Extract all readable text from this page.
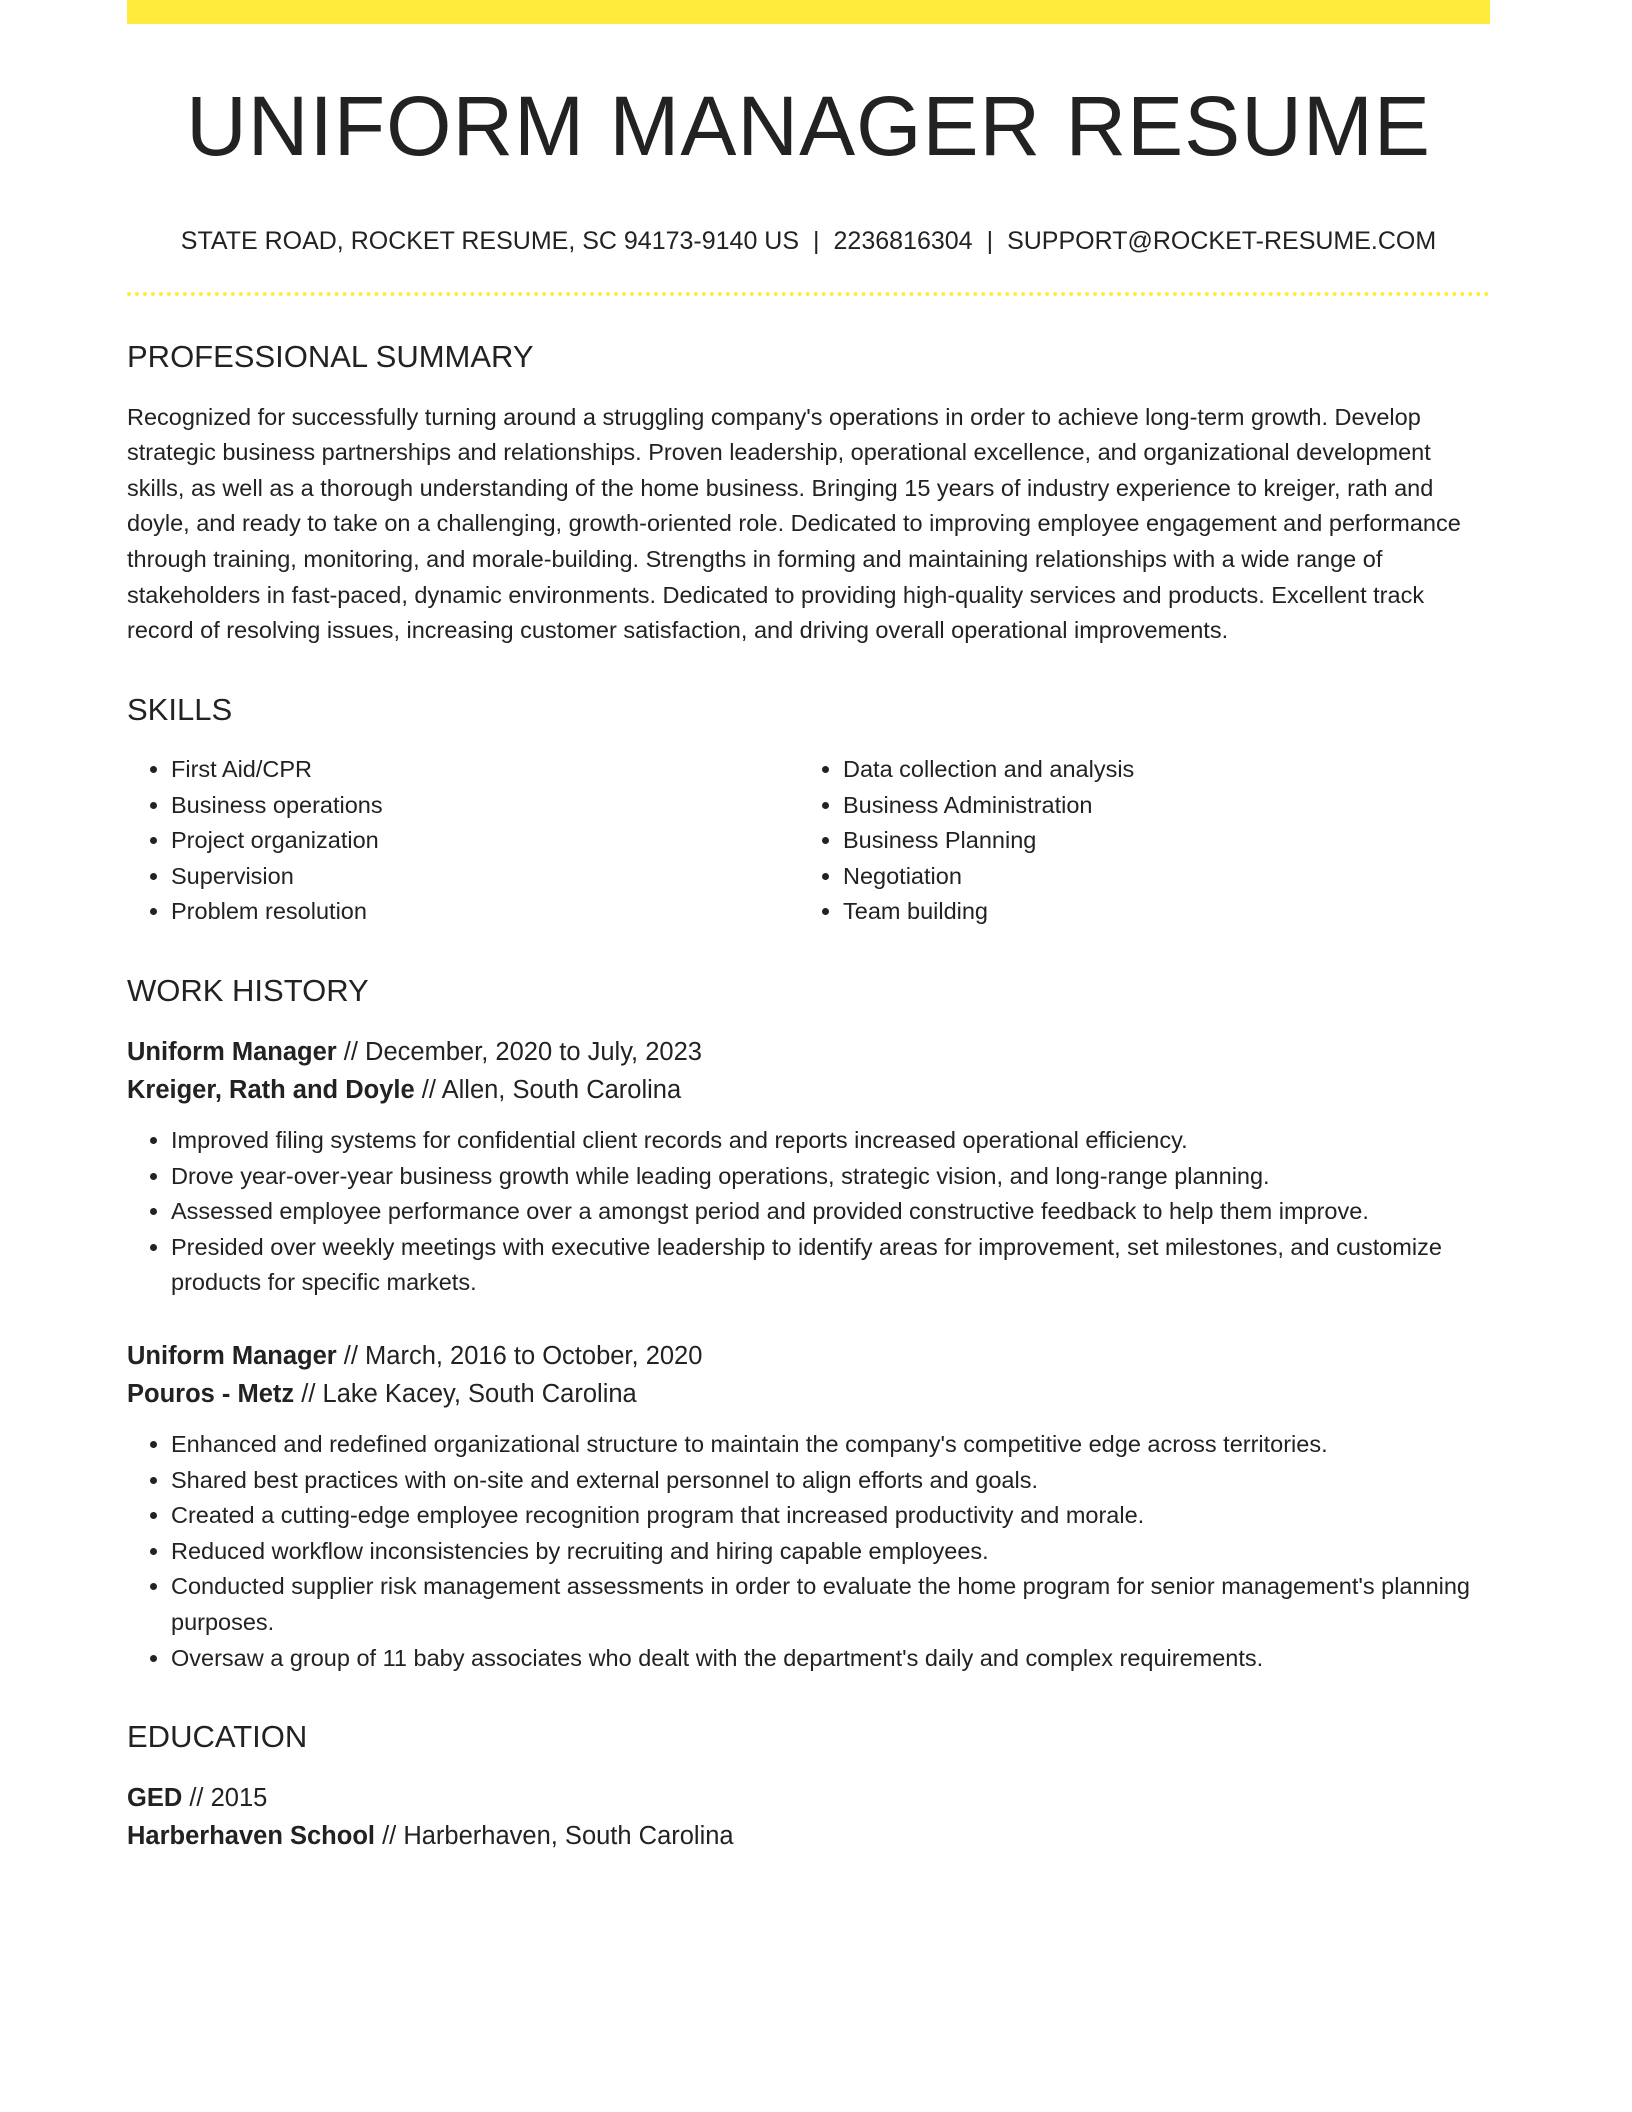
UNIFORM MANAGER RESUME
STATE ROAD, ROCKET RESUME, SC 94173-9140 US | 2236816304 | SUPPORT@ROCKET-RESUME.COM
PROFESSIONAL SUMMARY
Recognized for successfully turning around a struggling company's operations in order to achieve long-term growth. Develop strategic business partnerships and relationships. Proven leadership, operational excellence, and organizational development skills, as well as a thorough understanding of the home business. Bringing 15 years of industry experience to kreiger, rath and doyle, and ready to take on a challenging, growth-oriented role. Dedicated to improving employee engagement and performance through training, monitoring, and morale-building. Strengths in forming and maintaining relationships with a wide range of stakeholders in fast-paced, dynamic environments. Dedicated to providing high-quality services and products. Excellent track record of resolving issues, increasing customer satisfaction, and driving overall operational improvements.
SKILLS
• First Aid/CPR
• Business operations
• Project organization
• Supervision
• Problem resolution
• Data collection and analysis
• Business Administration
• Business Planning
• Negotiation
• Team building
WORK HISTORY
Uniform Manager // December, 2020 to July, 2023
Kreiger, Rath and Doyle // Allen, South Carolina
• Improved filing systems for confidential client records and reports increased operational efficiency.
• Drove year-over-year business growth while leading operations, strategic vision, and long-range planning.
• Assessed employee performance over a amongst period and provided constructive feedback to help them improve.
• Presided over weekly meetings with executive leadership to identify areas for improvement, set milestones, and customize products for specific markets.
Uniform Manager // March, 2016 to October, 2020
Pouros - Metz // Lake Kacey, South Carolina
• Enhanced and redefined organizational structure to maintain the company's competitive edge across territories.
• Shared best practices with on-site and external personnel to align efforts and goals.
• Created a cutting-edge employee recognition program that increased productivity and morale.
• Reduced workflow inconsistencies by recruiting and hiring capable employees.
• Conducted supplier risk management assessments in order to evaluate the home program for senior management's planning purposes.
• Oversaw a group of 11 baby associates who dealt with the department's daily and complex requirements.
EDUCATION
GED // 2015
Harberhaven School // Harberhaven, South Carolina
